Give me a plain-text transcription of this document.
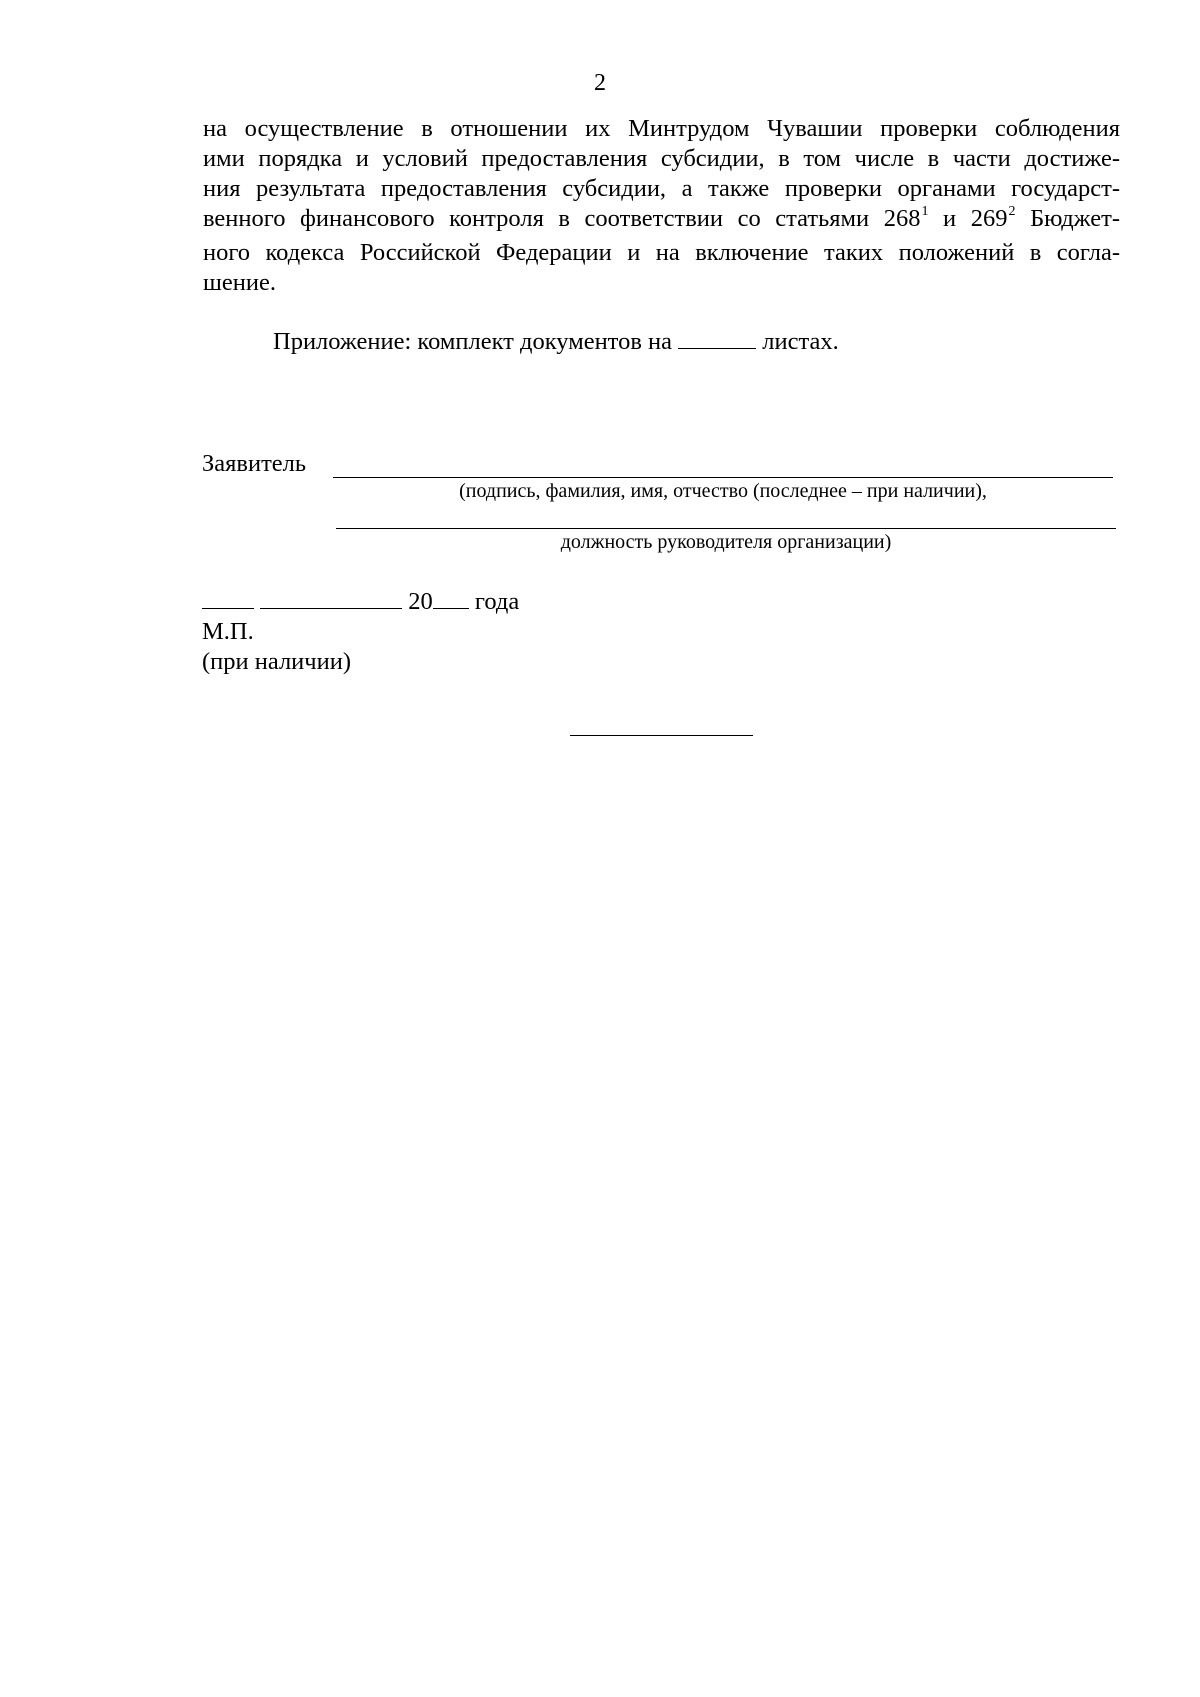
2
на осуществление в отношении их Минтрудом Чувашии проверки соблюдения
ими порядка и условий предоставления субсидии, в том числе в части достиже-
ния результата предоставления субсидии, а также проверки органами государст-
венного финансового контроля в соответствии со статьями $268^1$ и $269^2$ Бюджет-
ного кодекса Российской Федерации и на включение таких положений в согла-
шение.
Приложение: комплект документов на	листах.
Заявитель
(подпись, фамилия, имя, отчество (последнее – при наличии),
должность руководителя организации)
20 года
М.П.
(при наличии)
